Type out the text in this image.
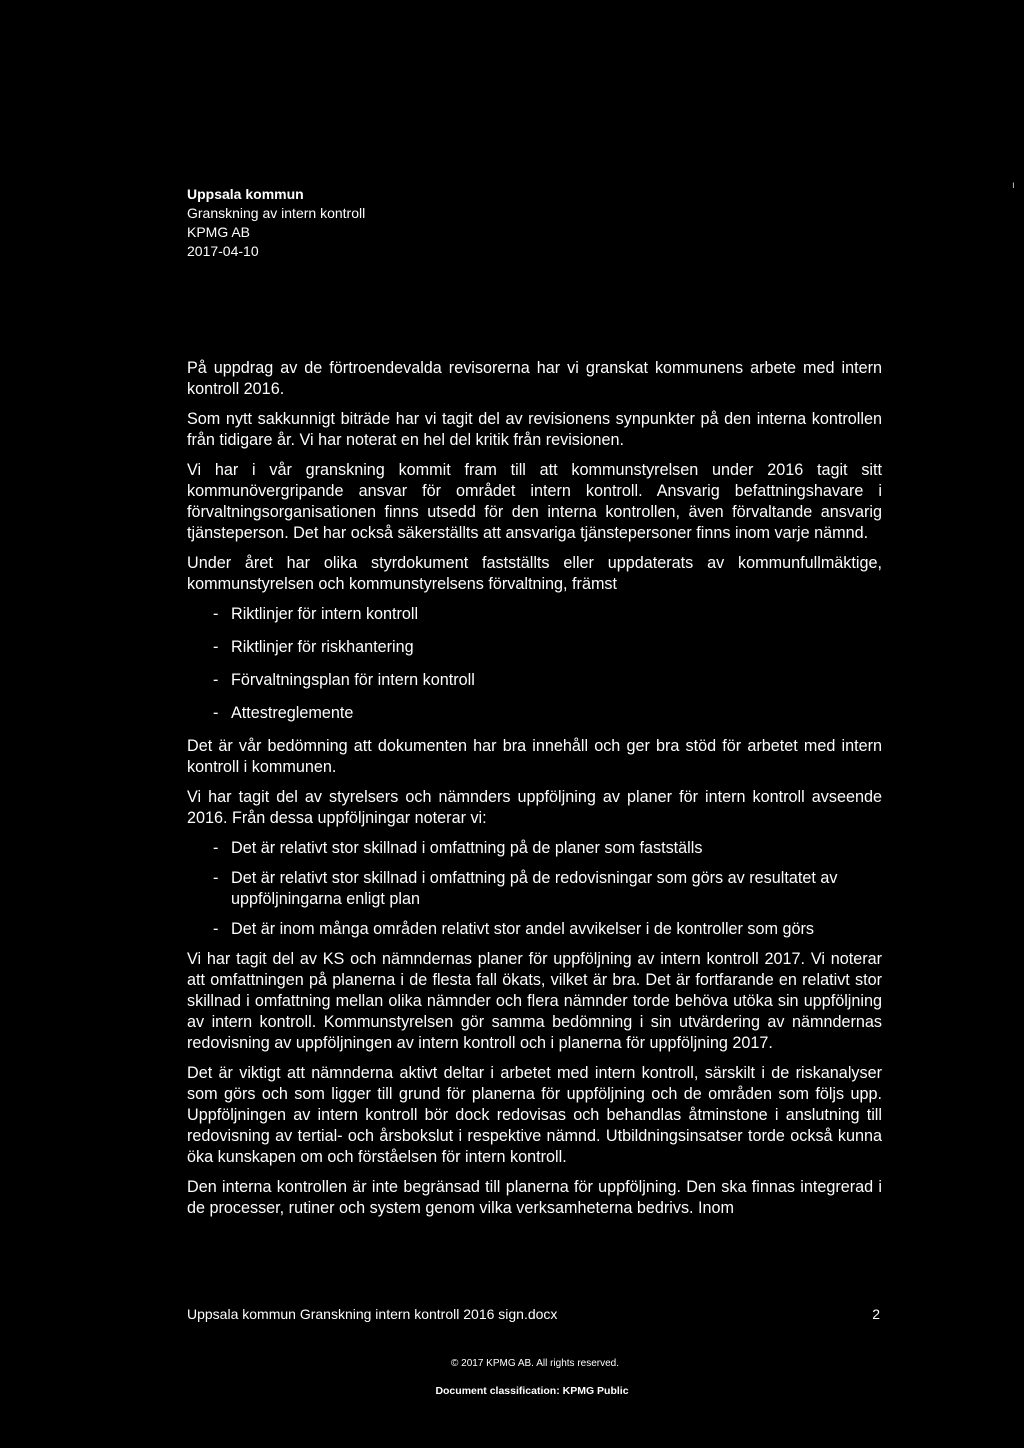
Uppsala kommun
Granskning av intern kontroll
KPMG AB
2017-04-10
ı

På uppdrag av de förtroendevalda revisorerna har vi granskat kommunens arbete med intern kontroll 2016.

Som nytt sakkunnigt biträde har vi tagit del av revisionens synpunkter på den interna kontrollen från tidigare år. Vi har noterat en hel del kritik från revisionen.

Vi har i vår granskning kommit fram till att kommunstyrelsen under 2016 tagit sitt kommunövergripande ansvar för området intern kontroll. Ansvarig befattningshavare i förvaltningsorganisationen finns utsedd för den interna kontrollen, även förvaltande ansvarig tjänsteperson. Det har också säkerställts att ansvariga tjänstepersoner finns inom varje nämnd.

Under året har olika styrdokument fastställts eller uppdaterats av kommunfullmäktige, kommunstyrelsen och kommunstyrelsens förvaltning, främst

- Riktlinjer för intern kontroll
- Riktlinjer för riskhantering
- Förvaltningsplan för intern kontroll
- Attestreglemente

Det är vår bedömning att dokumenten har bra innehåll och ger bra stöd för arbetet med intern kontroll i kommunen.

Vi har tagit del av styrelsers och nämnders uppföljning av planer för intern kontroll avseende 2016. Från dessa uppföljningar noterar vi:

- Det är relativt stor skillnad i omfattning på de planer som fastställs
- Det är relativt stor skillnad i omfattning på de redovisningar som görs av resultatet av uppföljningarna enligt plan
- Det är inom många områden relativt stor andel avvikelser i de kontroller som görs

Vi har tagit del av KS och nämndernas planer för uppföljning av intern kontroll 2017. Vi noterar att omfattningen på planerna i de flesta fall ökats, vilket är bra. Det är fortfarande en relativt stor skillnad i omfattning mellan olika nämnder och flera nämnder torde behöva utöka sin uppföljning av intern kontroll. Kommunstyrelsen gör samma bedömning i sin utvärdering av nämndernas redovisning av uppföljningen av intern kontroll och i planerna för uppföljning 2017.

Det är viktigt att nämnderna aktivt deltar i arbetet med intern kontroll, särskilt i de riskanalyser som görs och som ligger till grund för planerna för uppföljning och de områden som följs upp. Uppföljningen av intern kontroll bör dock redovisas och behandlas åtminstone i anslutning till redovisning av tertial- och årsbokslut i respektive nämnd. Utbildningsinsatser torde också kunna öka kunskapen om och förståelsen för intern kontroll.

Den interna kontrollen är inte begränsad till planerna för uppföljning. Den ska finnas integrerad i de processer, rutiner och system genom vilka verksamheterna bedrivs. Inom

Uppsala kommun Granskning intern kontroll 2016 sign.docx	2
© 2017 KPMG AB. All rights reserved.
Document classification: KPMG Public
